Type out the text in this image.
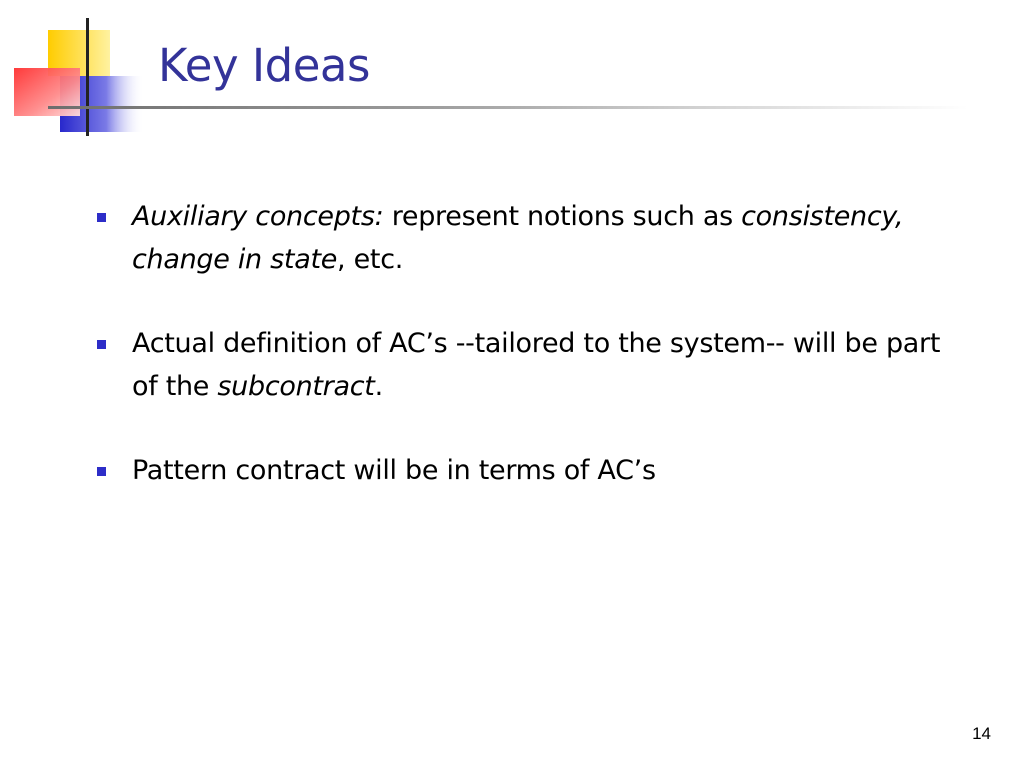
Key Ideas
Auxiliary concepts: represent notions such as consistency, change in state, etc.
Actual definition of AC’s --tailored to the system-- will be part of the subcontract.
Pattern contract will be in terms of AC’s
14
